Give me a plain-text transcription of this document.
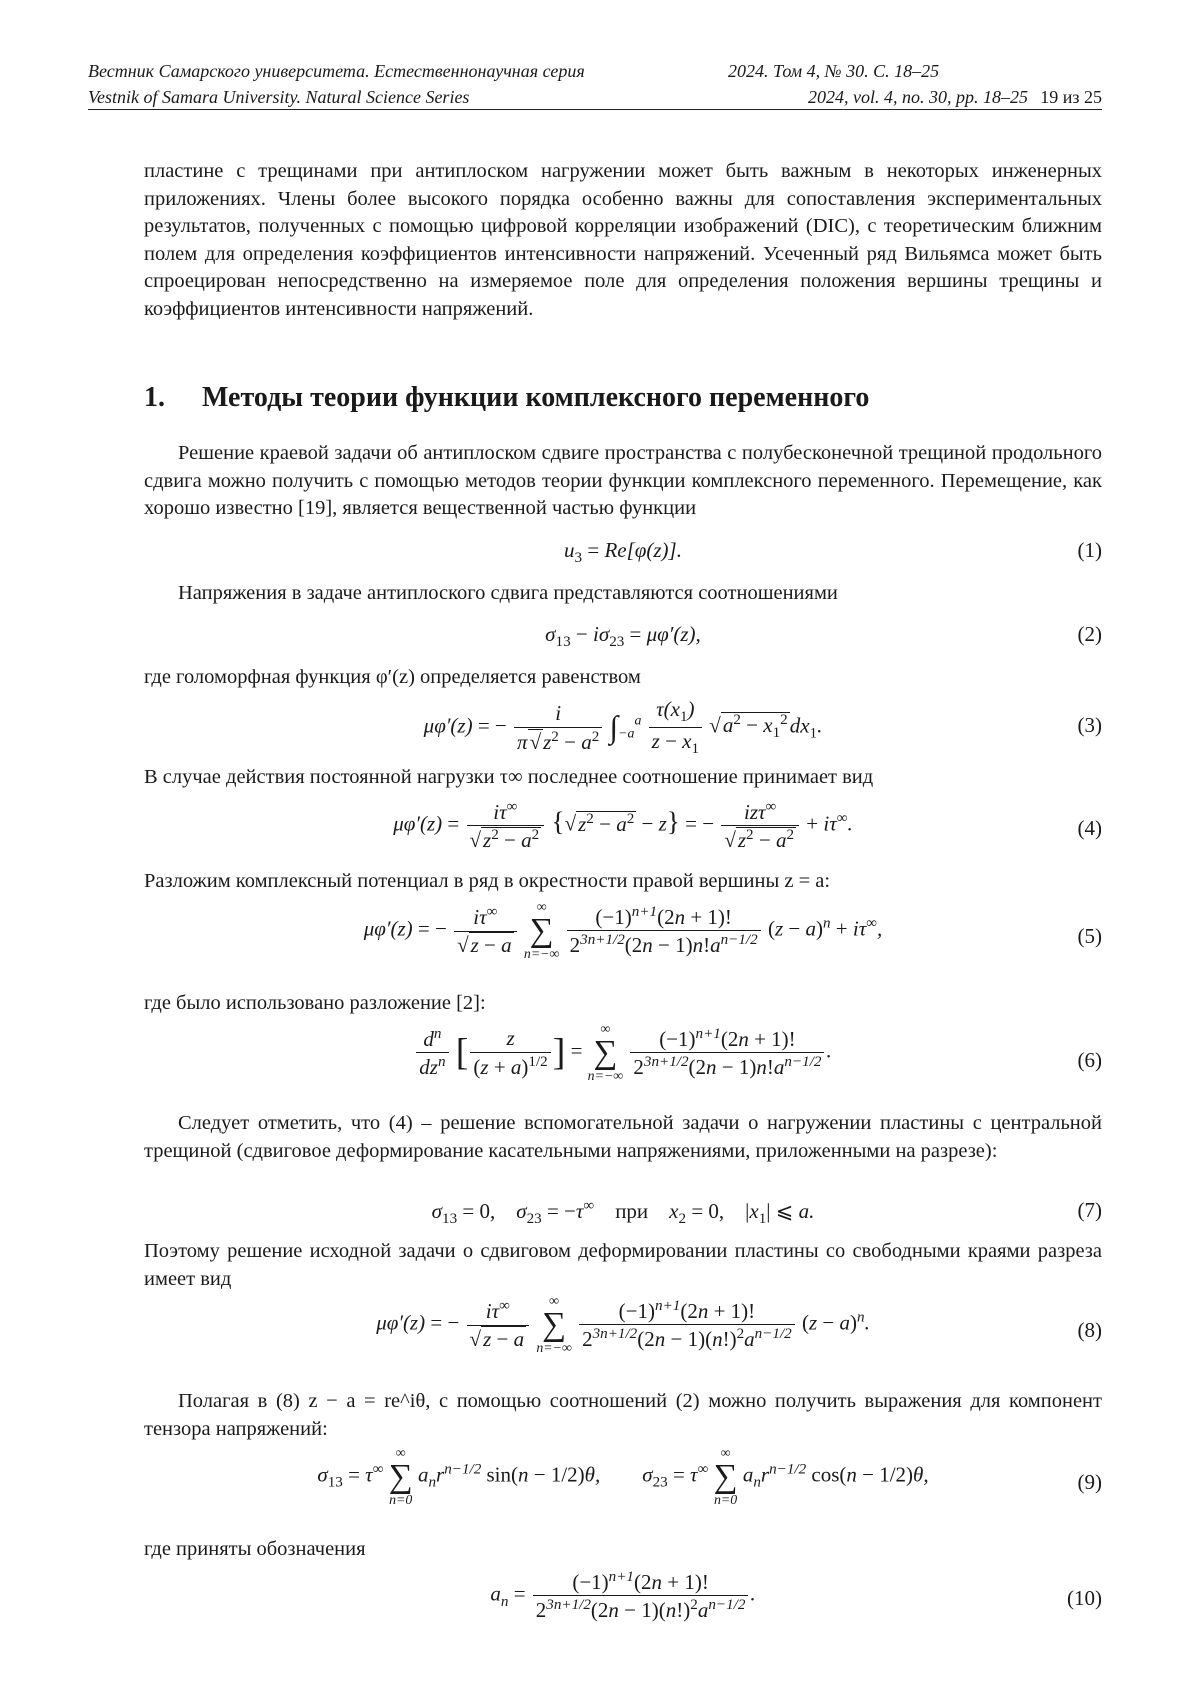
Вестник Самарского университета. Естественнонаучная серия	2024. Том 4, № 30. С. 18–25
Vestnik of Samara University. Natural Science Series	2024, vol. 4, no. 30, pp. 18–25 19 из 25

пластине с трещинами при антиплоском нагружении может быть важным в некоторых инженерных приложениях. Члены более высокого порядка особенно важны для сопоставления экспериментальных результатов, полученных с помощью цифровой корреляции изображений (DIC), с теоретическим ближним полем для определения коэффициентов интенсивности напряжений. Усеченный ряд Вильямса может быть спроецирован непосредственно на измеряемое поле для определения положения вершины трещины и коэффициентов интенсивности напряжений.

1. Методы теории функции комплексного переменного

Решение краевой задачи об антиплоском сдвиге пространства с полубесконечной трещиной продольного сдвига можно получить с помощью методов теории функции комплексного переменного. Перемещение, как хорошо известно [19], является вещественной частью функции

$u_3 = Re[\varphi(z)]$.	(1)

Напряжения в задаче антиплоского сдвига представляются соотношениями

$\sigma_{13} - i\sigma_{23} = \mu\varphi'(z)$,	(2)

где голоморфная функция φ′(z) определяется равенством

μφ′(z) = − $\frac{i}{\pi√z^2 - a^2} \int_{-a}^a \frac{\tau(x_1)}{z - x_1} √a^2 - x_1^2dx_1$.	(3)

В случае действия постоянной нагрузки τ∞ последнее соотношение принимает вид

$\mu\varphi'(z) = \frac{i\tau^\infty}{√z^2 - a^2} \{√z^2 - a^2 - z\}$ = − $\frac{iz\tau^\infty}{√z^2 - a^2} + i\tau^\infty$.	(4)

Разложим комплексный потенциал в ряд в окрестности правой вершины z = a:

μφ′(z) = − $\frac{i\tau^\infty}{√z - a}$
	∞
∑
n=−∞
$\frac{(-1)^{n+1}(2n + 1)!}{2^{3n+1/2}(2n - 1)n!a^{n-1/2}} (z - a)^n + i\tau^\infty$,	(5)

где было использовано разложение [2]:

$\frac{d^n}{dz^n}$ [ $\frac{z}{(z + a)^{1/2}}$ ] =
∞
∑
n=−∞
$\frac{(-1)^{n+1}(2n + 1)!}{2^{3n+1/2}(2n - 1)n!a^{n-1/2}}$ .	(6)

Следует отметить, что (4) – решение вспомогательной задачи о нагружении пластины с центральной трещиной (сдвиговое деформирование касательными напряжениями, приложенными на разрезе):

$\sigma_{13} = 0$,    $\sigma_{23} = -\tau^\infty$ при    $x_2 = 0$, $|x_1|$ ⩽ a.	(7)

Поэтому решение исходной задачи о сдвиговом деформировании пластины со свободными краями разреза имеет вид

μφ′(z) = − $\frac{i\tau^\infty}{√z - a}$
	∞
∑
n=−∞
$\frac{(-1)^{n+1}(2n + 1)!}{2^{3n+1/2}(2n - 1)(n!)^2a^{n-1/2}} (z - a)^n$.	(8)

Полагая в (8) z − a = re^iθ, с помощью соотношений (2) можно получить выражения для компонент тензора напряжений:

$\sigma_{13} = \tau^\infty$
∞
∑
n=0
$a_nr^{n-1/2}$ sin(n − 1/2)θ,        $\sigma_{23} = \tau^\infty$
∞
∑
n=0
$a_nr^{n-1/2}$ cos(n − 1/2)θ,	(9)

где приняты обозначения

$a_n = \frac{(-1)^{n+1}(2n + 1)!}{2^{3n+1/2}(2n - 1)(n!)^2a^{n-1/2}}$ .	(10)
